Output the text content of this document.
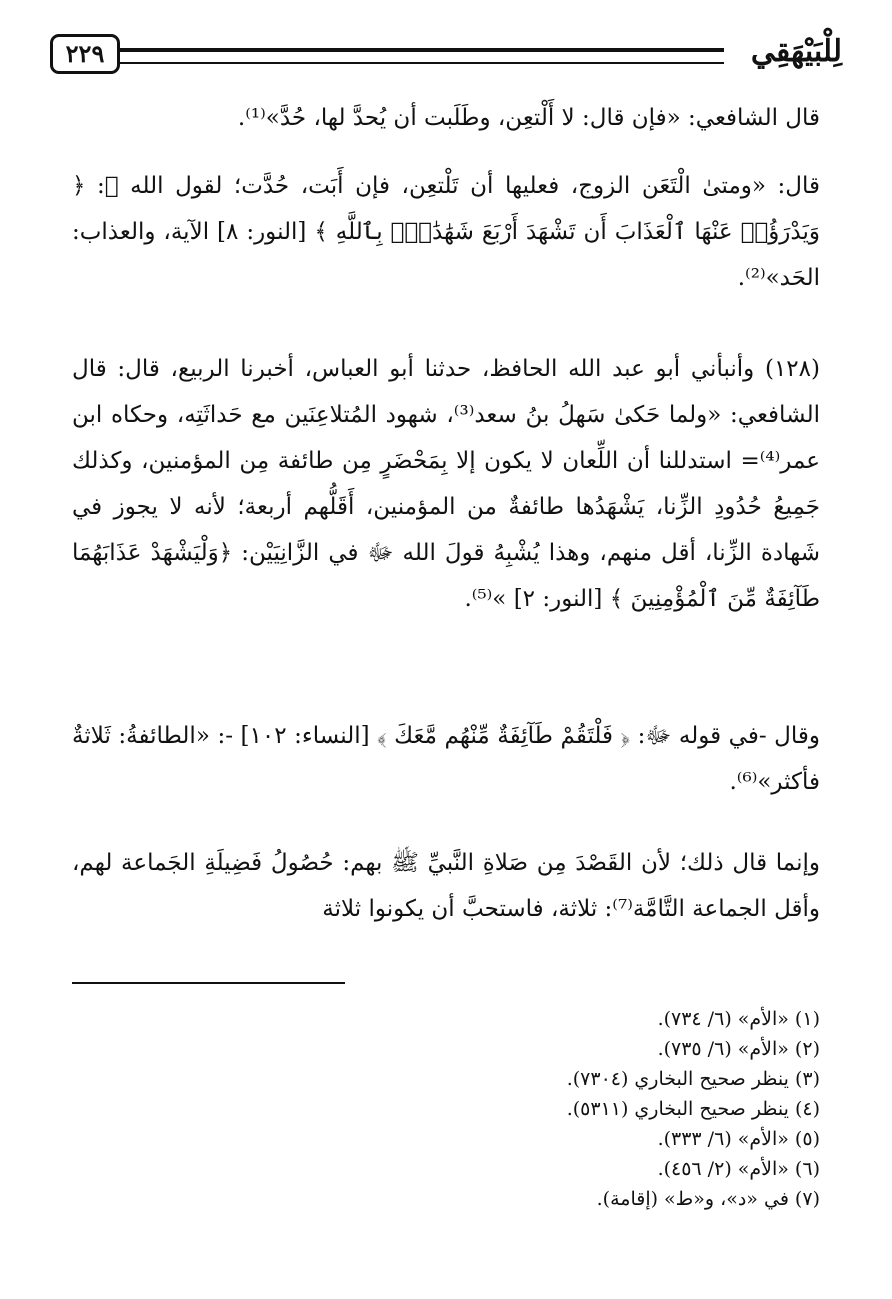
لِلْبَيْهَقِي
٢٢٩

قال الشافعي: «فإن قال: لا أَلْتعِن، وطَلَبت أن يُحدَّ لها، حُدَّ»⁽¹⁾.

قال: «ومتىٰ الْتَعَن الزوج، فعليها أن تَلْتعِن، فإن أَبَت، حُدَّت؛ لقول الله ﷻ: ﴿ وَيَدْرَؤُا۟ عَنْهَا ٱلْعَذَابَ أَن تَشْهَدَ أَرْبَعَ شَهَٰدَٰتٍۭ بِٱللَّهِ ﴾ [النور: ٨] الآية، والعذاب: الحَد»⁽²⁾.

(١٢٨) وأنبأني أبو عبد الله الحافظ، حدثنا أبو العباس، أخبرنا الربيع، قال: قال الشافعي: «ولما حَكىٰ سَهلُ بنُ سعد⁽³⁾، شهود المُتلاعِنَين مع حَداثَتِه، وحكاه ابن عمر⁽⁴⁾= استدللنا أن اللِّعان لا يكون إلا بِمَحْضَرٍ مِن طائفة مِن المؤمنين، وكذلك جَمِيعُ حُدُودِ الزِّنا، يَشْهَدُها طائفةٌ من المؤمنين، أَقَلُّهم أربعة؛ لأنه لا يجوز في شَهادة الزِّنا، أقل منهم، وهذا يُشْبِهُ قولَ الله ﷻ في الزَّانِيَيْن: ﴿وَلْيَشْهَدْ عَذَابَهُمَا طَآئِفَةٌ مِّنَ ٱلْمُؤْمِنِينَ ﴾ [النور: ٢] »⁽⁵⁾.

وقال -في قوله ﷻ: ﴿ فَلْتَقُمْ طَآئِفَةٌ مِّنْهُم مَّعَكَ ﴾ [النساء: ١٠٢] -: «الطائفةُ: ثَلاثةٌ فأكثر»⁽⁶⁾.

وإنما قال ذلك؛ لأن القَصْدَ مِن صَلاةِ النَّبيِّ ﷺ بهم: حُصُولُ فَضِيلَةِ الجَماعة لهم، وأقل الجماعة التَّامَّة⁽⁷⁾: ثلاثة، فاستحبَّ أن يكونوا ثلاثة

(١) «الأم» (٦/ ٧٣٤).

(٢) «الأم» (٦/ ٧٣٥).

(٣) ينظر صحيح البخاري (٧٣٠٤).

(٤) ينظر صحيح البخاري (٥٣١١).

(٥) «الأم» (٦/ ٣٣٣).

(٦) «الأم» (٢/ ٤٥٦).

(٧) في «د»، و«ط» (إقامة).
